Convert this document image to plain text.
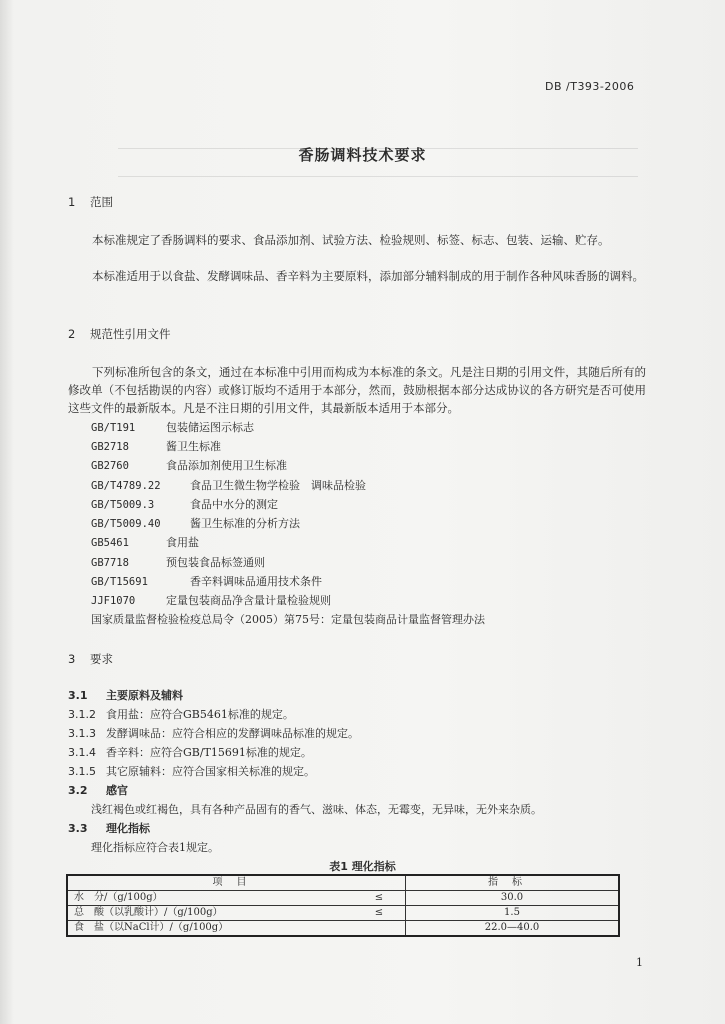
DB /T393-2006
香肠调料技术要求
1 范围
本标准规定了香肠调料的要求、食品添加剂、试验方法、检验规则、标签、标志、包装、运输、贮存。
本标准适用于以食盐、发酵调味品、香辛料为主要原料，添加部分辅料制成的用于制作各种风味香肠的调料。
2 规范性引用文件
下列标准所包含的条文，通过在本标准中引用而构成为本标准的条文。凡是注日期的引用文件，其随后所有的修改单（不包括勘误的内容）或修订版均不适用于本部分，然而，鼓励根据本部分达成协议的各方研究是否可使用这些文件的最新版本。凡是不注日期的引用文件，其最新版本适用于本部分。
GB/T191　	包装储运图示标志
GB2718　	酱卫生标准
GB2760　	食品添加剂使用卫生标准
GB/T4789.22　	食品卫生微生物学检验　调味品检验
GB/T5009.3　	食品中水分的测定
GB/T5009.40　	酱卫生标准的分析方法
GB5461　	食用盐
GB7718　	预包装食品标签通则
GB/T15691　	香辛料调味品通用技术条件
JJF1070　	定量包装商品净含量计量检验规则
国家质量监督检验检疫总局令（2005）第75号：定量包装商品计量监督管理办法
3 要求
3.1 主要原料及辅料
3.1.2 食用盐：应符合GB5461标准的规定。
3.1.3 发酵调味品：应符合相应的发酵调味品标准的规定。
3.1.4 香辛料：应符合GB/T15691标准的规定。
3.1.5 其它原辅料：应符合国家相关标准的规定。
3.2 感官
浅红褐色或红褐色，具有各种产品固有的香气、滋味、体态，无霉变，无异味，无外来杂质。
3.3 理化指标
理化指标应符合表1规定。
表1 理化指标
项目		指标
水　分/（g/100g）	≤	30.0
总　酸（以乳酸计）/（g/100g）	≤	1.5
食　盐（以NaCl计）/（g/100g）		22.0—40.0
1
